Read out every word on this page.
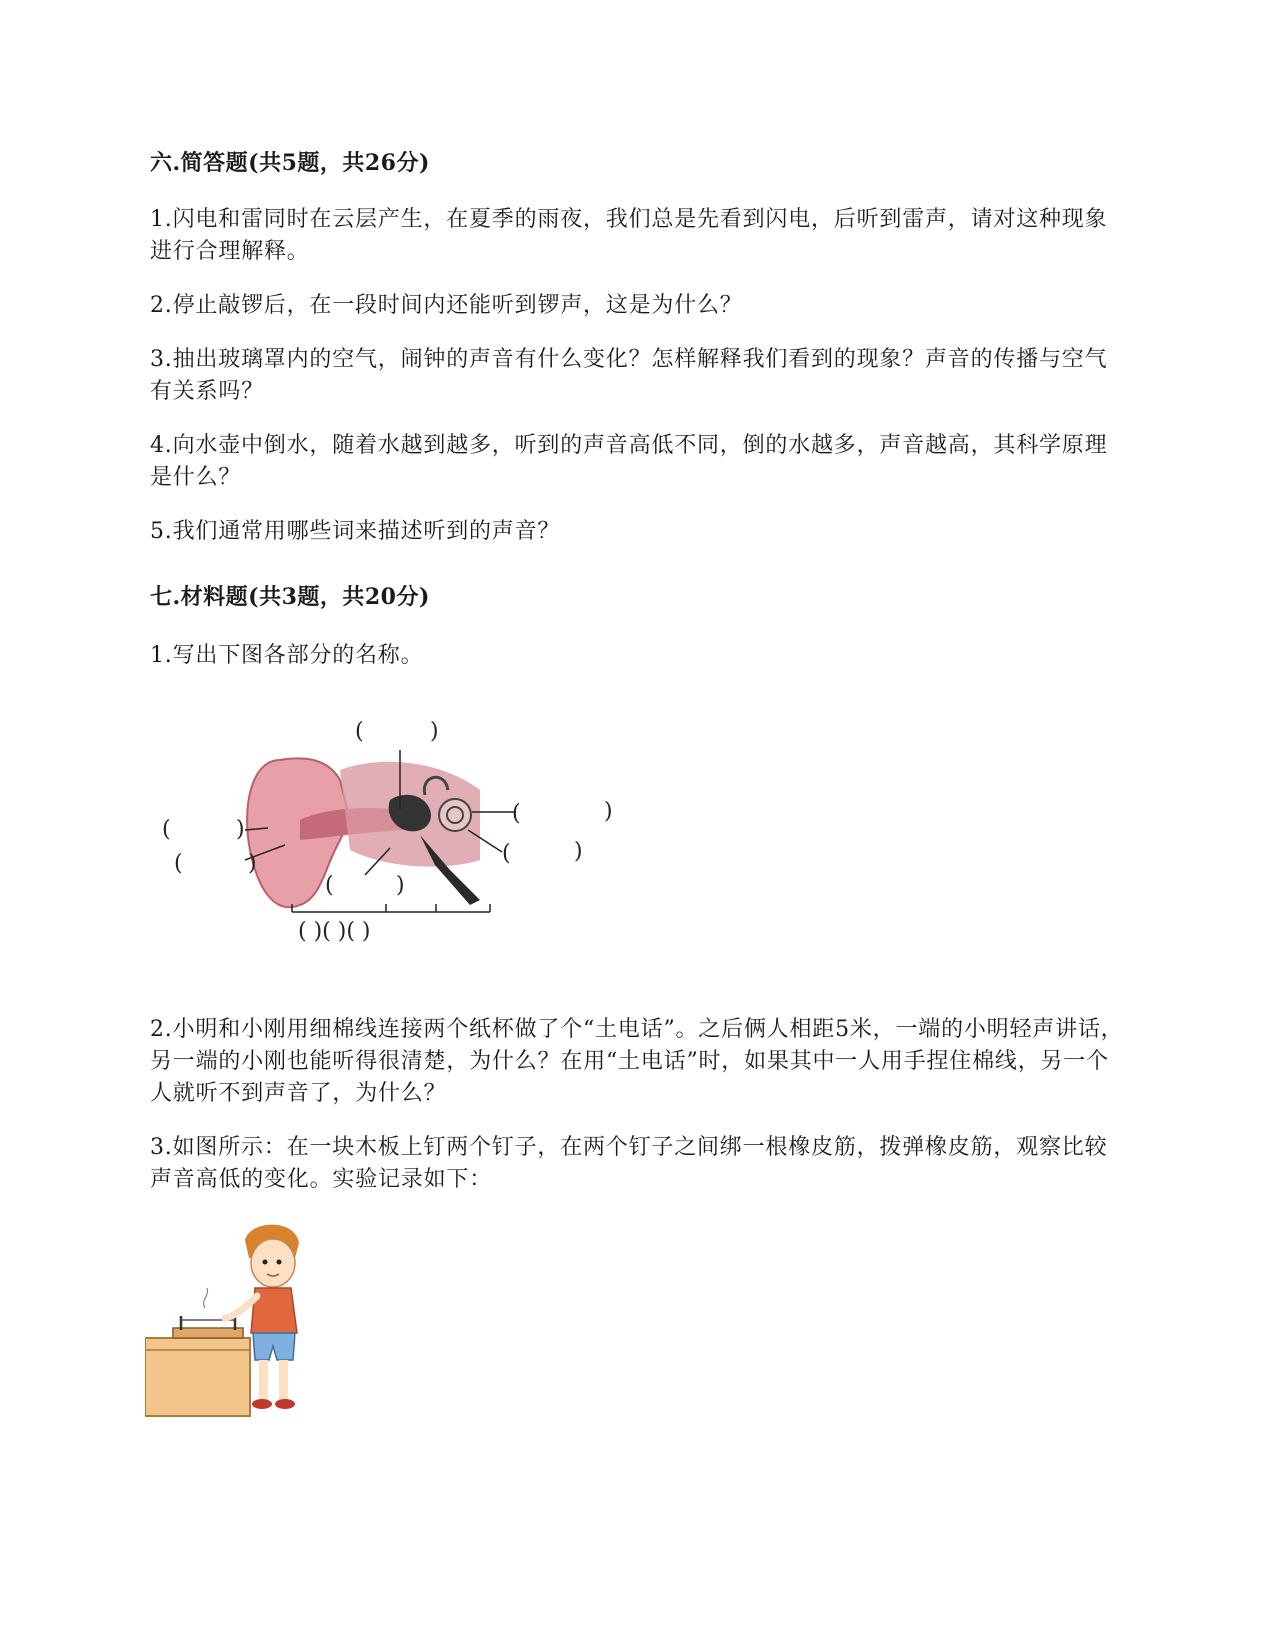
六.简答题(共5题，共26分)
1.闪电和雷同时在云层产生，在夏季的雨夜，我们总是先看到闪电，后听到雷声，请对这种现象进行合理解释。
2.停止敲锣后，在一段时间内还能听到锣声，这是为什么？
3.抽出玻璃罩内的空气，闹钟的声音有什么变化？怎样解释我们看到的现象？声音的传播与空气有关系吗？
4.向水壶中倒水，随着水越到越多，听到的声音高低不同，倒的水越多，声音越高，其科学原理是什么？
5.我们通常用哪些词来描述听到的声音？
七.材料题(共3题，共20分)
1.写出下图各部分的名称。
(	)
(	)
(	)
(	)
(	)
(	)
( )( )( )
2.小明和小刚用细棉线连接两个纸杯做了个“土电话”。之后俩人相距5米，一端的小明轻声讲话，另一端的小刚也能听得很清楚，为什么？在用“土电话”时，如果其中一人用手捏住棉线，另一个人就听不到声音了，为什么？
3.如图所示：在一块木板上钉两个钉子，在两个钉子之间绑一根橡皮筋，拨弹橡皮筋，观察比较声音高低的变化。实验记录如下：
